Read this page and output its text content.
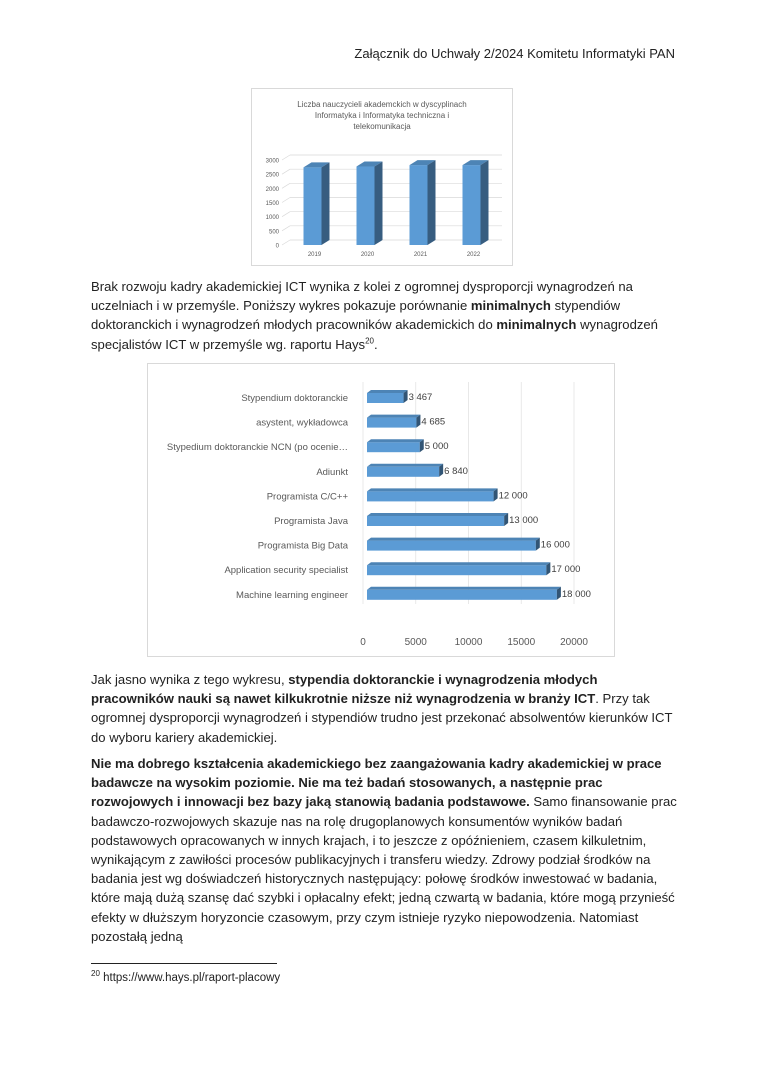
Załącznik do Uchwały 2/2024 Komitetu Informatyki PAN
Liczba nauczycieli akademckich w dyscyplinach
Informatyka i Informatyka techniczna i
telekomunikacja
0
500
1000
1500
2000
2500
3000
2019	2020	2021	2022

Brak rozwoju kadry akademickiej ICT wynika z kolei z ogromnej dysproporcji wynagrodzeń na
uczelniach i w przemyśle. Poniższy wykres pokazuje porównanie minimalnych stypendiów
doktoranckich i wynagrodzeń młodych pracowników akademickich do minimalnych wynagrodzeń
specjalistów ICT w przemyśle wg. raportu Hays$^{20}$.

0	5000	10000 15000 20000
3 467
Stypendium doktoranckie
4 685
asystent, wykładowca
5 000
Stypedium doktoranckie NCN (po ocenie…
6 840
Adiunkt
12 000
Programista C/C++
13 000
Programista Java
16 000
Programista Big Data
17 000
Application security specialist
18 000
Machine learning engineer

Jak jasno wynika z tego wykresu, stypendia doktoranckie i wynagrodzenia młodych pracowników nauki są nawet kilkukrotnie niższe niż wynagrodzenia w branży ICT. Przy tak ogromnej dysproporcji wynagrodzeń i stypendiów trudno jest przekonać absolwentów kierunków ICT do wyboru kariery akademickiej.

Nie ma dobrego kształcenia akademickiego bez zaangażowania kadry akademickiej w prace badawcze na wysokim poziomie. Nie ma też badań stosowanych, a następnie prac rozwojowych i innowacji bez bazy jaką stanowią badania podstawowe. Samo finansowanie prac badawczo-rozwojowych skazuje nas na rolę drugoplanowych konsumentów wyników badań podstawowych opracowanych w innych krajach, i to jeszcze z opóźnieniem, czasem kilkuletnim, wynikającym z zawiłości procesów publikacyjnych i transferu wiedzy. Zdrowy podział środków na badania jest wg doświadczeń historycznych następujący: połowę środków inwestować w badania, które mają dużą szansę dać szybki i opłacalny efekt; jedną czwartą w badania, które mogą przynieść efekty w dłuższym horyzoncie czasowym, przy czym istnieje ryzyko niepowodzenia. Natomiast pozostałą jedną

$^{20}$ https://www.hays.pl/raport-placowy
